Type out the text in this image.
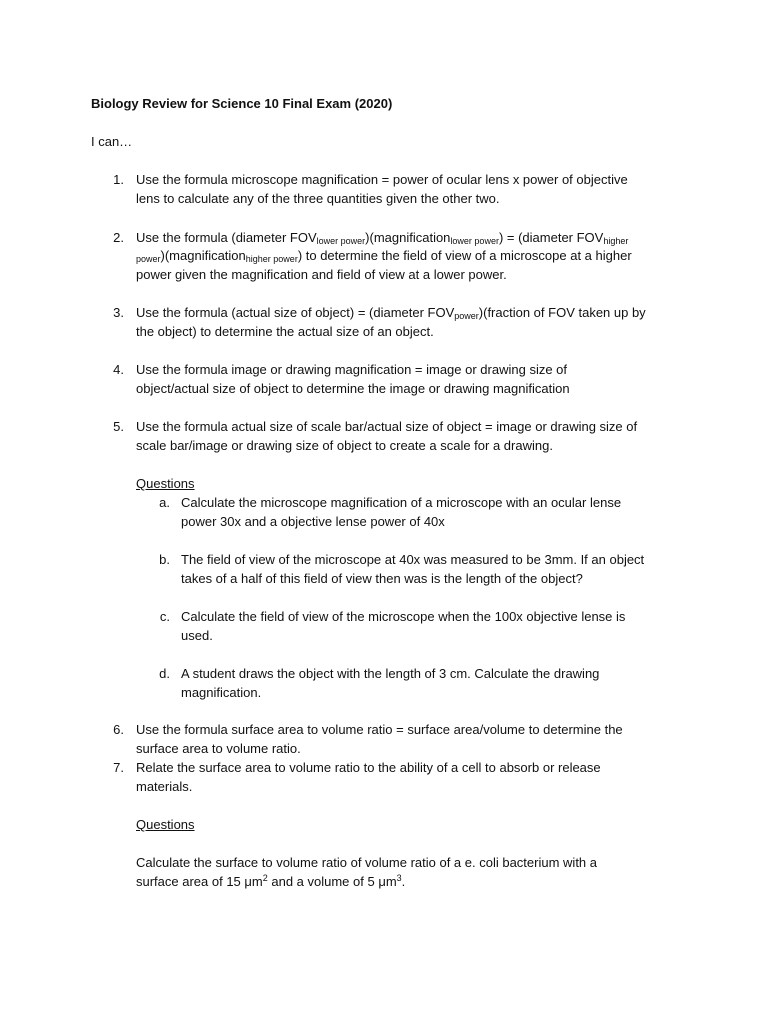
Biology Review for Science 10 Final Exam (2020)
I can…
1. Use the formula microscope magnification = power of ocular lens x power of objective
lens to calculate any of the three quantities given the other two.
2. Use the formula (diameter $FOV_{lower power})(magnification_{lower power})$ = (diameter $FOV_{higher}$
$_{power}$)(magnification$_{higher power}$) to determine the field of view of a microscope at a higher
power given the magnification and field of view at a lower power.
3. Use the formula (actual size of object) = (diameter $FOV_{power})(fraction$ of FOV taken up by
the object) to determine the actual size of an object.
4. Use the formula image or drawing magnification = image or drawing size of
object/actual size of object to determine the image or drawing magnification
5. Use the formula actual size of scale bar/actual size of object = image or drawing size of
scale bar/image or drawing size of object to create a scale for a drawing.
Questions
a. Calculate the microscope magnification of a microscope with an ocular lense
power 30x and a objective lense power of 40x
b. The field of view of the microscope at 40x was measured to be 3mm. If an object
takes of a half of this field of view then was is the length of the object?
c. Calculate the field of view of the microscope when the 100x objective lense is
used.
d. A student draws the object with the length of 3 cm. Calculate the drawing
magnification.
6. Use the formula surface area to volume ratio = surface area/volume to determine the
surface area to volume ratio.
7. Relate the surface area to volume ratio to the ability of a cell to absorb or release
materials.
Questions
Calculate the surface to volume ratio of volume ratio of a e. coli bacterium with a
surface area of 15 $\mu m^2$ and a volume of 5 $\mu m^3$.
